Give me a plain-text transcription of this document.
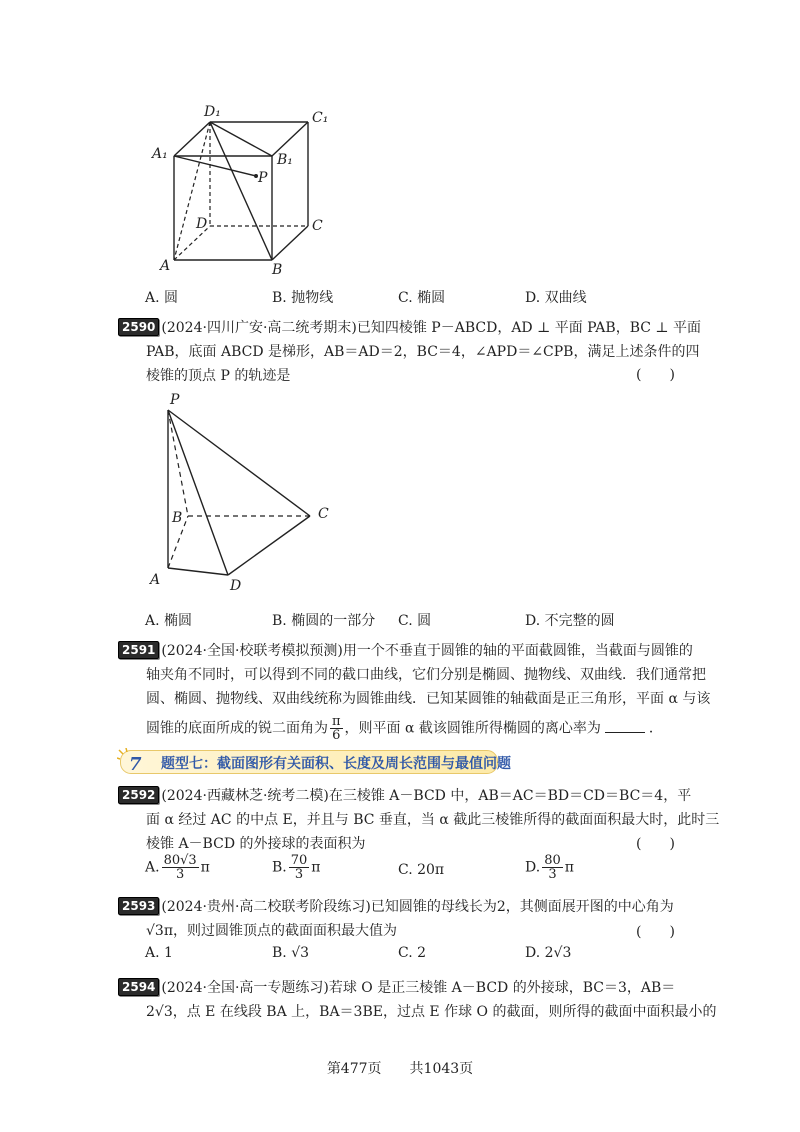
D₁	C₁
A₁	B₁
P
D	C
A	B
A. 圆	B. 抛物线	C. 椭圆	D. 双曲线
2590 (2024·四川广安·高二统考期末)已知四棱锥 P－ABCD，AD ⊥ 平面 PAB，BC ⊥ 平面
PAB，底面 ABCD 是梯形，AB＝AD＝2，BC＝4，∠APD＝∠CPB，满足上述条件的四
棱锥的顶点 P 的轨迹是	(　　)
P
B	C
A	D
A. 椭圆	B. 椭圆的一部分 C. 圆	D. 不完整的圆
2591 (2024·全国·校联考模拟预测)用一个不垂直于圆锥的轴的平面截圆锥，当截面与圆锥的
轴夹角不同时，可以得到不同的截口曲线，它们分别是椭圆、抛物线、双曲线．我们通常把
圆、椭圆、抛物线、双曲线统称为圆锥曲线．已知某圆锥的轴截面是正三角形，平面 α 与该
圆锥的底面所成的锐二面角为 $\frac{\pi}{6}$ ，则平面 α 截该圆锥所得椭圆的离心率为	．
7 题型七：截面图形有关面积、长度及周长范围与最值问题
2592 (2024·西藏林芝·统考二模)在三棱锥 A－BCD 中，AB＝AC＝BD＝CD＝BC＝4，平
面 α 经过 AC 的中点 E，并且与 BC 垂直，当 α 截此三棱锥所得的截面面积最大时，此时三
棱锥 A－BCD 的外接球的表面积为	(　　)
A. $\frac{80√3}{3}$ π	B. $\frac{70}{3}$ π	C. 20π	D. $\frac{80}{3}$ π
2593 (2024·贵州·高二校联考阶段练习)已知圆锥的母线长为2，其侧面展开图的中心角为
√3π，则过圆锥顶点的截面面积最大值为	(　　)
A. 1	B. √3	C. 2	D. 2√3
2594 (2024·全国·高一专题练习)若球 O 是正三棱锥 A－BCD 的外接球，BC＝3，AB＝
2√3，点 E 在线段 BA 上，BA＝3BE，过点 E 作球 O 的截面，则所得的截面中面积最小的
第477页　　共1043页
